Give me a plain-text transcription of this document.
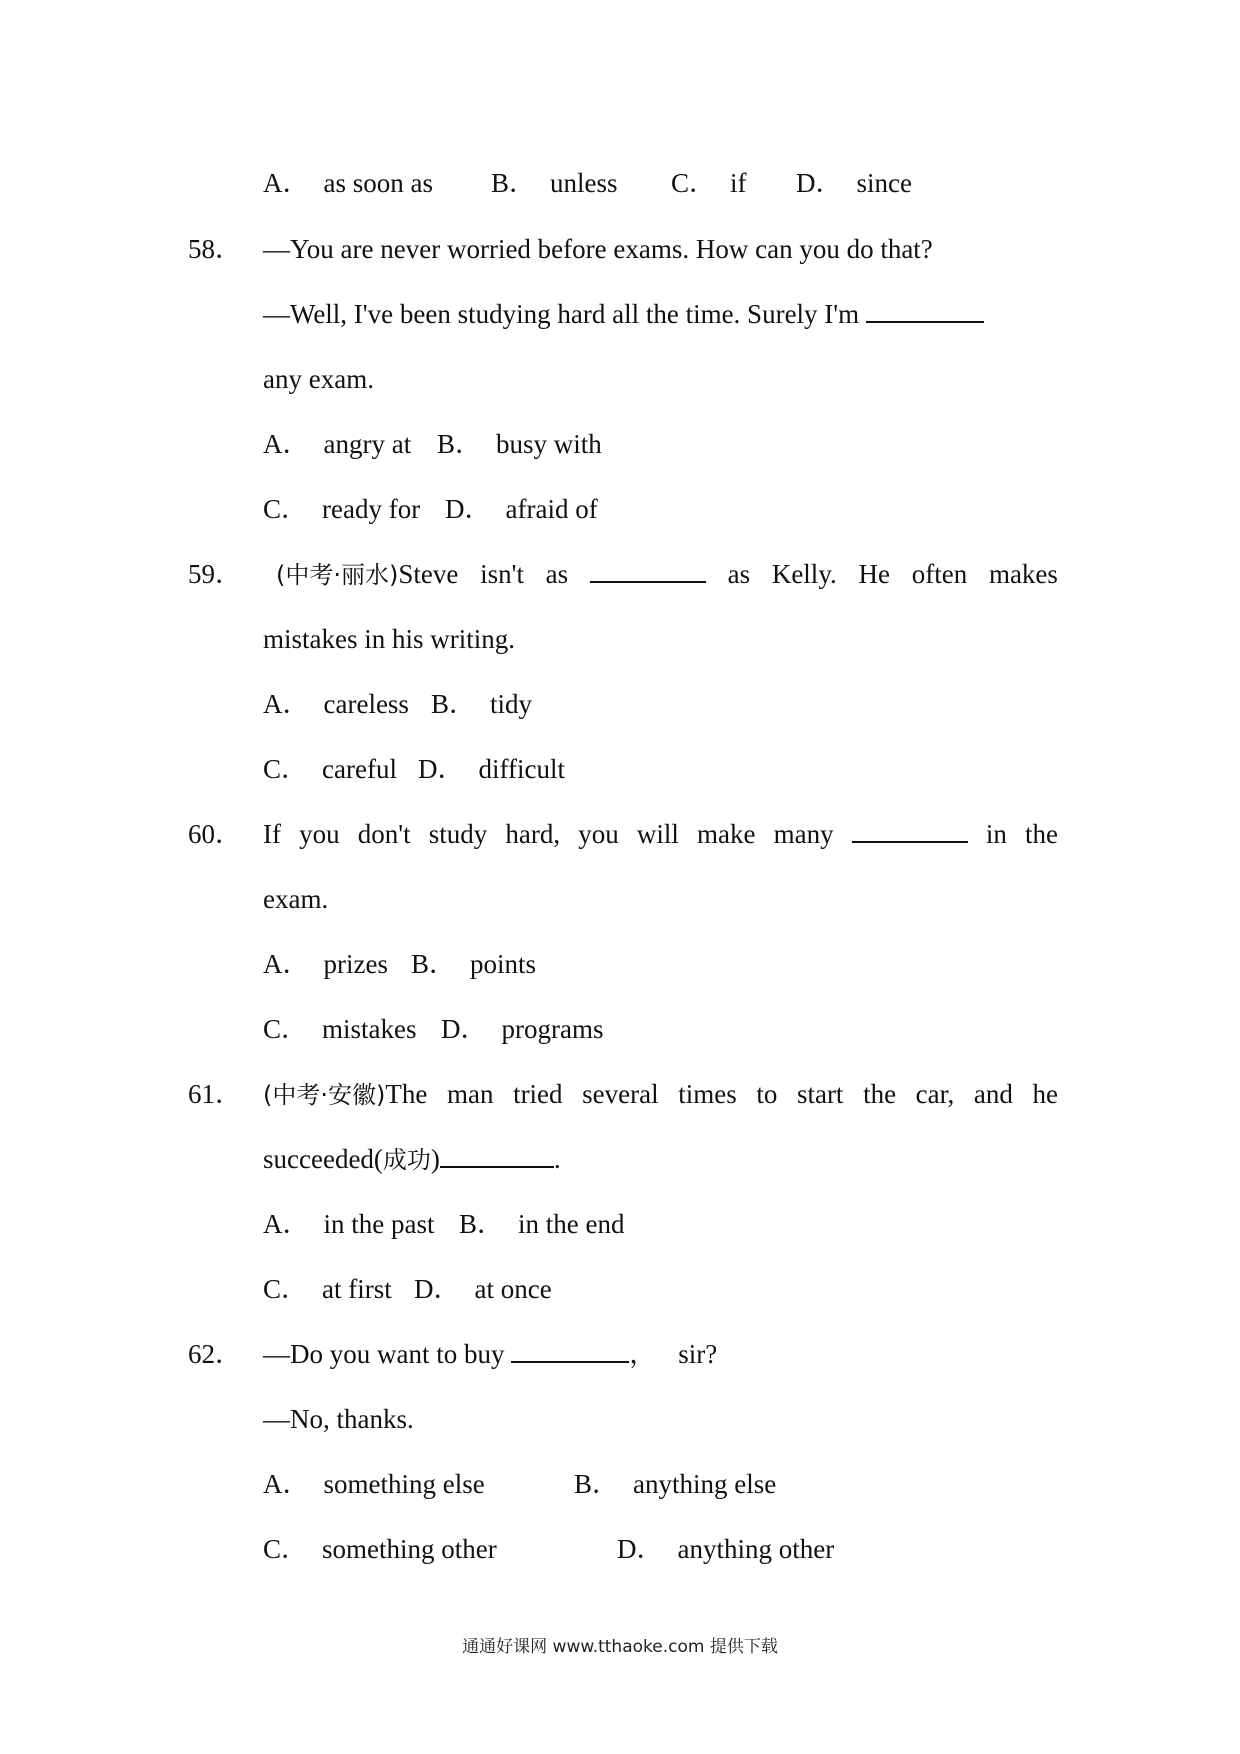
A． as soon as B． unless C． if D． since
58． —You are never worried before exams. How can you do that?
—Well, I've been studying hard all the time. Surely I'm
any exam.
A． angry at B． busy with
C． ready for D． afraid of
59． (中考·丽水)Steve isn't as	as Kelly. He often makes
mistakes in his writing.
A． careless B． tidy
C． careful D． difficult
60． If you don't study hard, you will make many	in the
exam.
A． prizes B． points
C． mistakes D． programs
61． (中考·安徽)The man tried several times to start the car, and he
succeeded(成功)	.
A． in the past B． in the end
C． at first D． at once
62． —Do you want to buy	， sir?
—No, thanks.
A． something else	B． anything else
C． something other	D． anything other
通通好课网 www.tthaoke.com 提供下载
